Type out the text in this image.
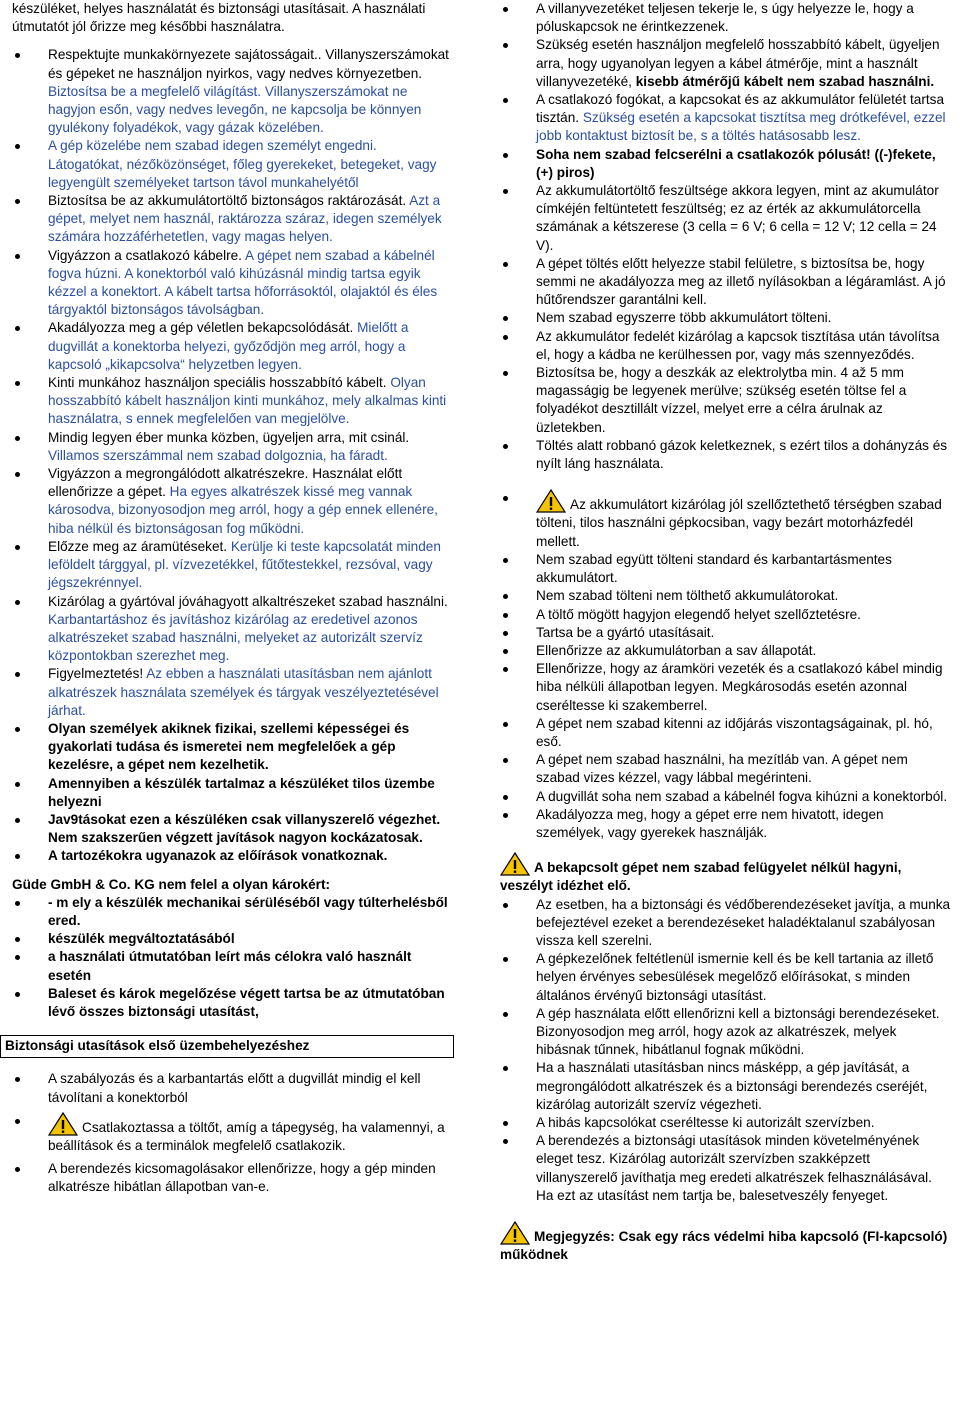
készüléket, helyes használatát és biztonsági utasításait. A használati útmutatót jól őrizze meg későbbi használatra.

Respektujte munkakörnyezete sajátosságait.. Villanyszerszámokat és gépeket ne használjon nyirkos, vagy nedves környezetben. Biztosítsa be a megfelelő világítást. Villanyszerszámokat ne hagyjon esőn, vagy nedves levegőn, ne kapcsolja be könnyen gyulékony folyadékok, vagy gázak közelében.
A gép közelébe nem szabad idegen személyt engedni. Látogatókat, nézőközönséget, főleg gyerekeket, betegeket, vagy legyengült személyeket tartson távol munkahelyétől
Biztosítsa be az akkumulátortöltő biztonságos raktározását. Azt a gépet, melyet nem használ, raktározza száraz, idegen személyek számára hozzáférhetetlen, vagy magas helyen.
Vigyázzon a csatlakozó kábelre. A gépet nem szabad a kábelnél fogva húzni. A konektorból való kihúzásnál mindig tartsa egyik kézzel a konektort. A kábelt tartsa hőforrásoktól, olajaktól és éles tárgyaktól biztonságos távolságban.
Akadályozza meg a gép véletlen bekapcsolódását. Mielőtt a dugvillát a konektorba helyezi, győződjön meg arról, hogy a kapcsoló „kikapcsolva“ helyzetben legyen.
Kinti munkához használjon speciális hosszabbító kábelt. Olyan hosszabbító kábelt használjon kinti munkához, mely alkalmas kinti használatra, s ennek megfelelően van megjelölve.
Mindig legyen éber munka közben, ügyeljen arra, mit csinál. Villamos szerszámmal nem szabad dolgoznia, ha fáradt.
Vigyázzon a megrongálódott alkatrészekre. Használat előtt ellenőrizze a gépet. Ha egyes alkatrészek kissé meg vannak károsodva, bizonyosodjon meg arról, hogy a gép ennek ellenére, hiba nélkül és biztonságosan fog működni.
Előzze meg az áramütéseket. Kerülje ki teste kapcsolatát minden leföldelt tárggyal, pl. vízvezetékkel, fűtőtestekkel, rezsóval, vagy jégszekrénnyel.
Kizárólag a gyártóval jóváhagyott alkaltrészeket szabad használni. Karbantartáshoz és javításhoz kizárólag az eredetivel azonos alkatrészeket szabad használni, melyeket az autorizált szervíz központokban szerezhet meg.
Figyelmeztetés! Az ebben a használati utasításban nem ajánlott alkatrészek használata személyek és tárgyak veszélyeztetésével járhat.
Olyan személyek akiknek fizikai, szellemi képességei és gyakorlati tudása és ismeretei nem megfelelőek a gép kezelésre, a gépet nem kezelhetik.
Amennyiben a készülék tartalmaz a készüléket tilos üzembe helyezni
Jav9tásokat ezen a készüléken csak villanyszerelő végezhet. Nem szakszerűen végzett javítások nagyon kockázatosak.
A tartozékokra ugyanazok az előírások vonatkoznak.

Güde GmbH & Co. KG nem felel a olyan károkért:

- m ely a készülék mechanikai sérüléséből vagy túlterhelésből ered.
készülék megváltoztatásából
a használati útmutatóban leírt más célokra való használt esetén
Baleset és károk megelőzése végett tartsa be az útmutatóban lévő összes biztonsági utasítást,
Biztonsági utasítások első üzembehelyezéshez
A szabályozás és a karbantartás előtt a dugvillát mindig el kell távolítani a konektorból
Csatlakoztassa a töltőt, amíg a tápegység, ha valamennyi, a beállítások és a terminálok megfelelő csatlakozik.
A berendezés kicsomagolásakor ellenőrizze, hogy a gép minden alkatrésze hibátlan állapotban van-e.
A villanyvezetéket teljesen tekerje le, s úgy helyezze le, hogy a póluskapcsok ne érintkezzenek.
Szükség esetén használjon megfelelő hosszabbító kábelt, ügyeljen arra, hogy ugyanolyan legyen a kábel átmérője, mint a használt villanyvezetéké, kisebb átmérőjű kábelt nem szabad használni.
A csatlakozó fogókat, a kapcsokat és az akkumulátor felületét tartsa tisztán. Szükség esetén a kapcsokat tisztítsa meg drótkefével, ezzel jobb kontaktust biztosít be, s a töltés hatásosabb lesz.
Soha nem szabad felcserélni a csatlakozók pólusát! ((-)fekete, (+) piros)
Az akkumulátortöltő feszültsége akkora legyen, mint az akumulátor címkéjén feltüntetett feszültség; ez az érték az akkumulátorcella számának a kétszerese (3 cella = 6 V; 6 cella = 12 V; 12 cella = 24 V).
A gépet töltés előtt helyezze stabil felületre, s biztosítsa be, hogy semmi ne akadályozza meg az illető nyílásokban a légáramlást. A jó hűtőrendszer garantálni kell.
Nem szabad egyszerre több akkumulátort tölteni.
Az akkumulátor fedelét kizárólag a kapcsok tisztítása után távolítsa el, hogy a kádba ne kerülhessen por, vagy más szennyeződés.
Biztosítsa be, hogy a deszkák az elektrolytba min. 4 až 5 mm magasságig be legyenek merülve; szükség esetén töltse fel a folyadékot desztillált vízzel, melyet erre a célra árulnak az üzletekben.
Töltés alatt robbanó gázok keletkeznek, s ezért tilos a dohányzás és nyílt láng használata.
Az akkumulátort kizárólag jól szellőztethető térségben szabad tölteni, tilos használni gépkocsiban, vagy bezárt motorházfedél mellett.
Nem szabad együtt tölteni standard és karbantartásmentes akkumulátort.
Nem szabad tölteni nem tölthető akkumulátorokat.
A töltő mögött hagyjon elegendő helyet szellőztetésre.
Tartsa be a gyártó utasításait.
Ellenőrizze az akkumulátorban a sav állapotát.
Ellenőrizze, hogy az áramköri vezeték és a csatlakozó kábel mindig hiba nélküli állapotban legyen. Megkárosodás esetén azonnal cseréltesse ki szakemberrel.
A gépet nem szabad kitenni az időjárás viszontagságainak, pl. hó, eső.
A gépet nem szabad használni, ha mezítláb van. A gépet nem szabad vizes kézzel, vagy lábbal megérinteni.
A dugvillát soha nem szabad a kábelnél fogva kihúzni a konektorból.
Akadályozza meg, hogy a gépet erre nem hivatott, idegen személyek, vagy gyerekek használják.

A bekapcsolt gépet nem szabad felügyelet nélkül hagyni, veszélyt idézhet elő.

Az esetben, ha a biztonsági és védőberendezéseket javítja, a munka befejeztével ezeket a berendezéseket haladéktalanul szabályosan vissza kell szerelni.
A gépkezelőnek feltétlenül ismernie kell és be kell tartania az illető helyen érvényes sebesülések megelőző előírásokat, s minden általános érvényű biztonsági utasítást.
A gép használata előtt ellenőrizni kell a biztonsági berendezéseket. Bizonyosodjon meg arról, hogy azok az alkatrészek, melyek hibásnak tűnnek, hibátlanul fognak működni.
Ha a használati utasításban nincs másképp, a gép javítását, a megrongálódott alkatrészek és a biztonsági berendezés cseréjét, kizárólag autorizált szervíz végezheti.
A hibás kapcsolókat cseréltesse ki autorizált szervízben.
A berendezés a biztonsági utasítások minden követelményének eleget tesz. Kizárólag autorizált szervízben szakképzett villanyszerelő javíthatja meg eredeti alkatrészek felhasználásával. Ha ezt az utasítást nem tartja be, balesetveszély fenyeget.

Megjegyzés: Csak egy rács védelmi hiba kapcsoló (FI-kapcsoló) működnek
